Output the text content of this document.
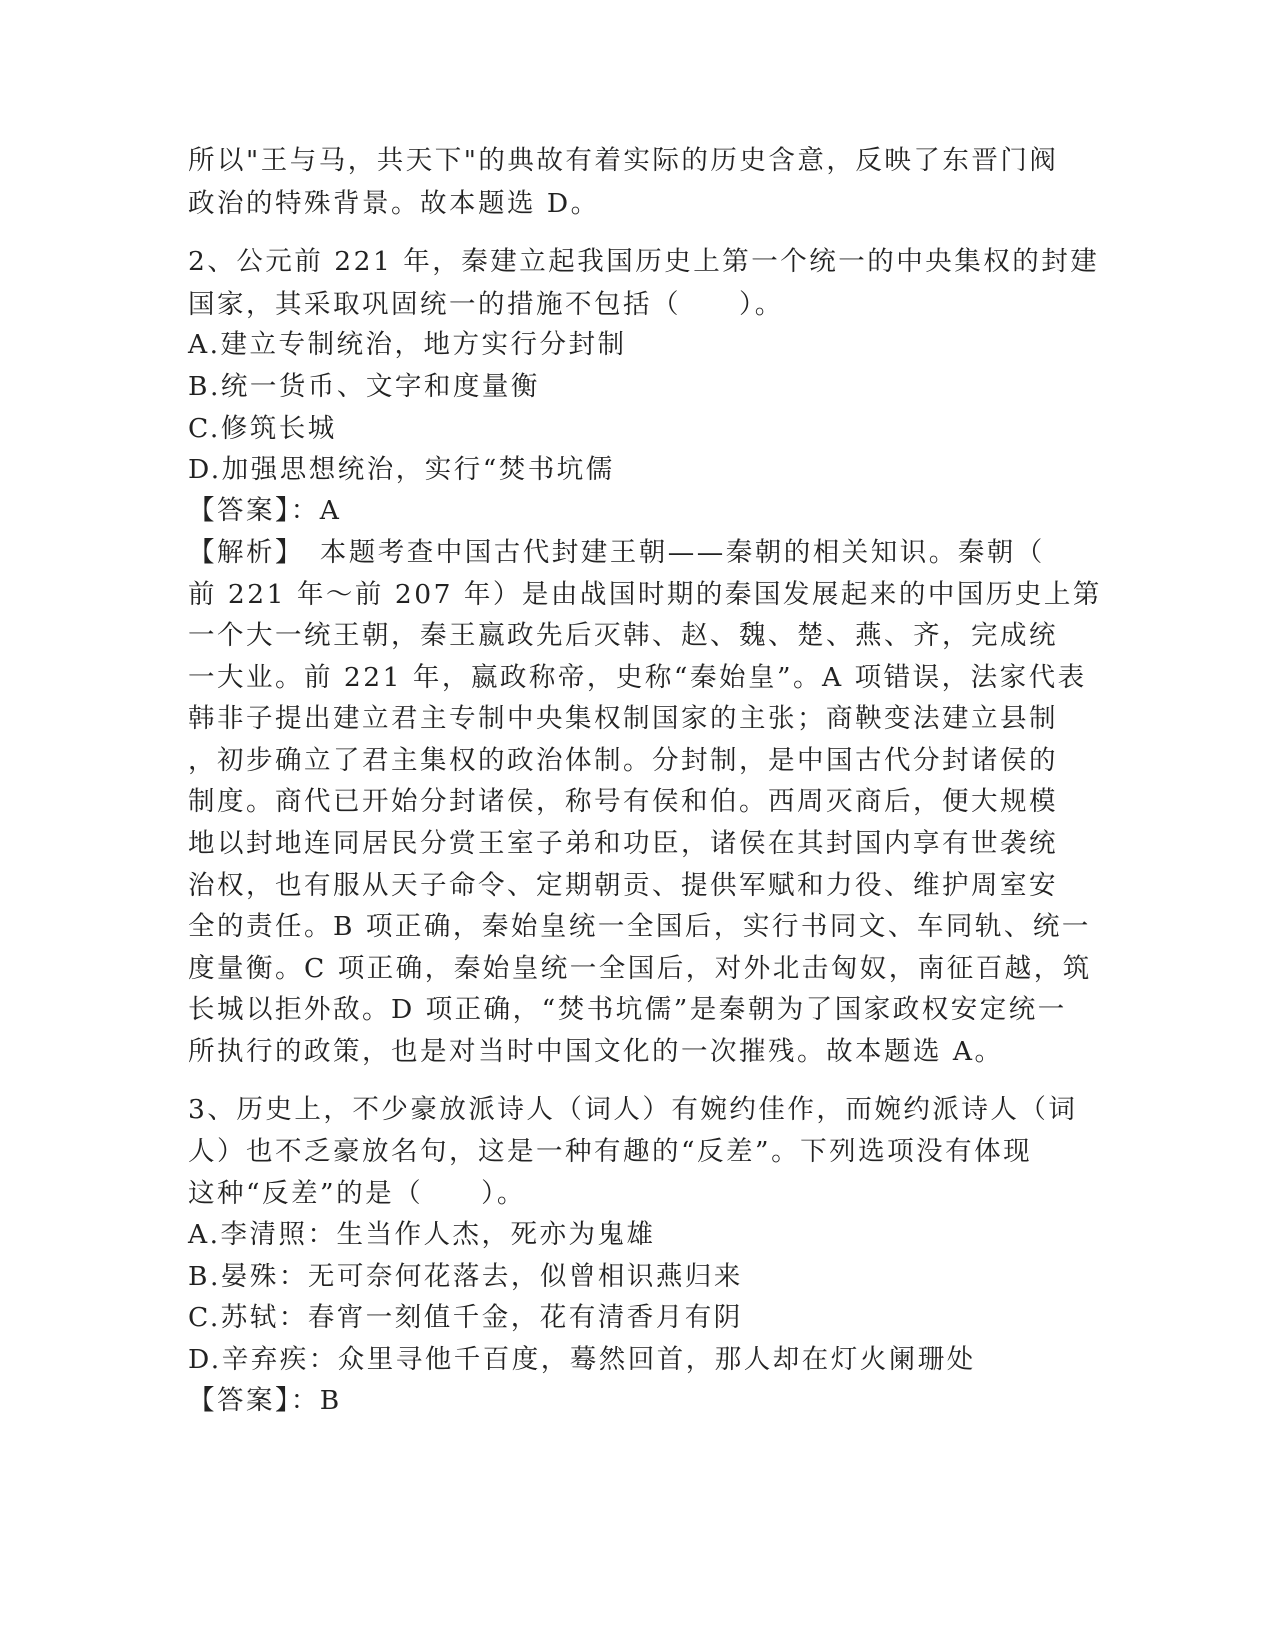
所以"王与马，共天下"的典故有着实际的历史含意，反映了东晋门阀
政治的特殊背景。故本题选 D。
2、公元前 221 年，秦建立起我国历史上第一个统一的中央集权的封建
国家，其采取巩固统一的措施不包括（　　）。
A.建立专制统治，地方实行分封制
B.统一货币、文字和度量衡
C.修筑长城
D.加强思想统治，实行“焚书坑儒
【答案】：A
【解析】　本题考查中国古代封建王朝——秦朝的相关知识。秦朝（
前 221 年～前 207 年）是由战国时期的秦国发展起来的中国历史上第
一个大一统王朝，秦王嬴政先后灭韩、赵、魏、楚、燕、齐，完成统
一大业。前 221 年，嬴政称帝，史称“秦始皇”。A 项错误，法家代表
韩非子提出建立君主专制中央集权制国家的主张；商鞅变法建立县制
，初步确立了君主集权的政治体制。分封制，是中国古代分封诸侯的
制度。商代已开始分封诸侯，称号有侯和伯。西周灭商后，便大规模
地以封地连同居民分赏王室子弟和功臣，诸侯在其封国内享有世袭统
治权，也有服从天子命令、定期朝贡、提供军赋和力役、维护周室安
全的责任。B 项正确，秦始皇统一全国后，实行书同文、车同轨、统一
度量衡。C 项正确，秦始皇统一全国后，对外北击匈奴，南征百越，筑
长城以拒外敌。D 项正确，“焚书坑儒”是秦朝为了国家政权安定统一
所执行的政策，也是对当时中国文化的一次摧残。故本题选 A。
3、历史上，不少豪放派诗人（词人）有婉约佳作，而婉约派诗人（词
人）也不乏豪放名句，这是一种有趣的“反差”。下列选项没有体现
这种“反差”的是（　　）。
A.李清照：生当作人杰，死亦为鬼雄
B.晏殊：无可奈何花落去，似曾相识燕归来
C.苏轼：春宵一刻值千金，花有清香月有阴
D.辛弃疾：众里寻他千百度，蓦然回首，那人却在灯火阑珊处
【答案】：B
